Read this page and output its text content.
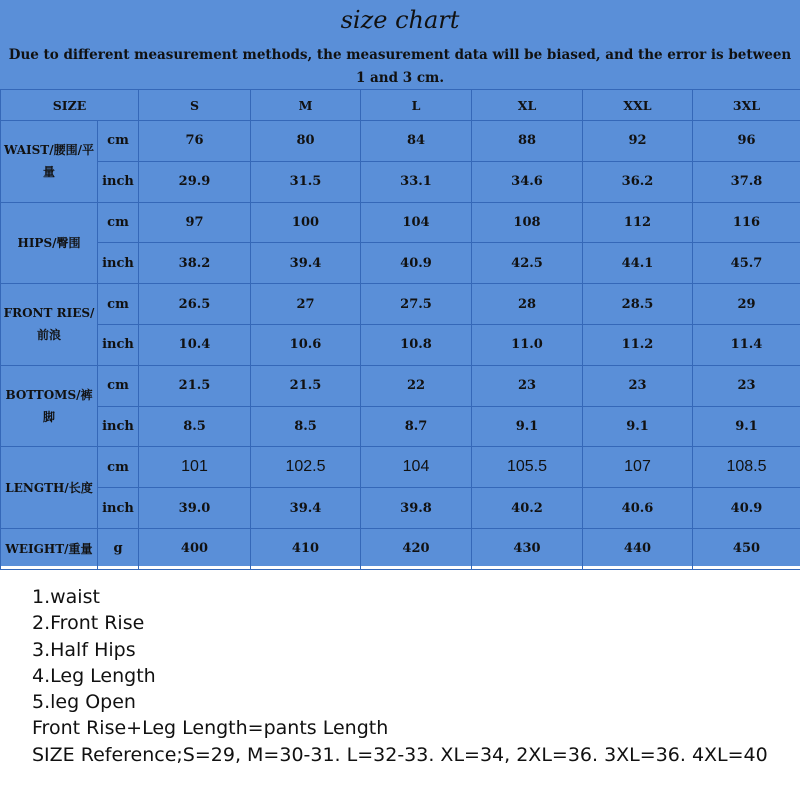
size chart
Due to different measurement methods, the measurement data will be biased, and the error is between 1 and 3 cm.
SIZE		S	M	L	XL	XXL	3XL
WAIST/腰围/平量	cm	76	80	84	88	92	96
	inch	29.9	31.5	33.1	34.6	36.2	37.8
HIPS/臀围	cm	97	100	104	108	112	116
	inch	38.2	39.4	40.9	42.5	44.1	45.7
FRONT RIES/前浪	cm	26.5	27	27.5	28	28.5	29
	inch	10.4	10.6	10.8	11.0	11.2	11.4
BOTTOMS/裤脚	cm	21.5	21.5	22	23	23	23
	inch	8.5	8.5	8.7	9.1	9.1	9.1
LENGTH/长度	cm	101	102.5	104	105.5	107	108.5
	inch	39.0	39.4	39.8	40.2	40.6	40.9
WEIGHT/重量	g	400	410	420	430	440	450
1.waist
2.Front Rise
3.Half Hips
4.Leg Length
5.leg Open
Front Rise+Leg Length=pants Length
SIZE Reference;S=29, M=30-31. L=32-33. XL=34, 2XL=36. 3XL=36. 4XL=40
